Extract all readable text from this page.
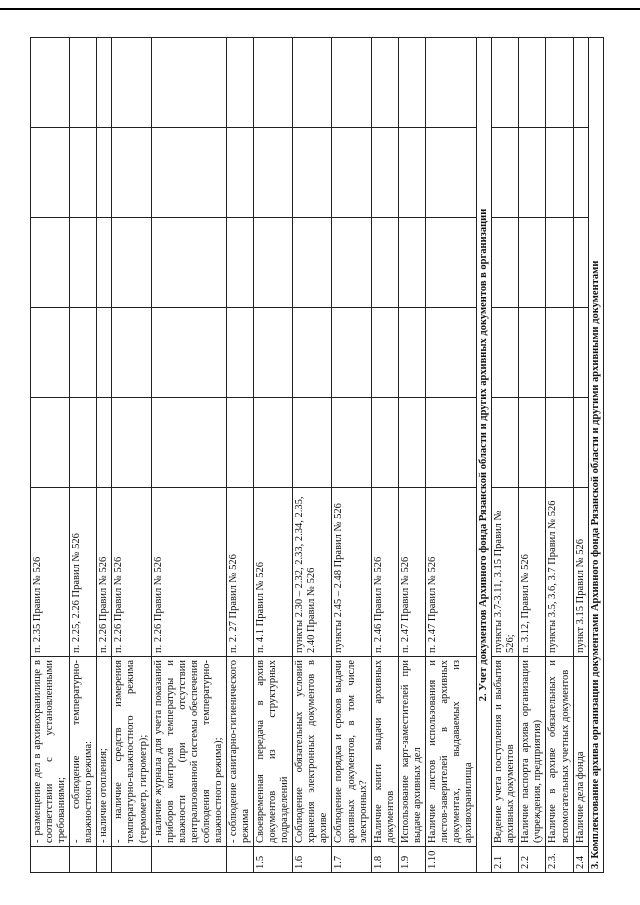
	- размещение дел в архивохранилище в соответствии с установленными требованиями;	п. 2.35 Правил № 526					
	- соблюдение температурно-влажностного режима:	п. 2.25, 2.26 Правил № 526					
	- наличие отопления;	п. 2.26 Правил № 526					
	- наличие средств измерения температурно-влажностного режима (термометр, гигрометр);	п. 2.26 Правил № 526					
	- наличие журнала для учета показаний приборов контроля температуры и влажности (при отсутствии централизованной системы обеспечения соблюдения температурно-влажностного режима);	п. 2.26 Правил № 526					
	- соблюдение санитарно-гигиенического режима	п. 2. 27 Правил № 526					
1.5	Своевременная передача в архив документов из структурных подразделений	п. 4.1 Правил № 526					
1.6	Соблюдение обязательных условий хранения электронных документов в архиве	пункты 2.30 – 2.32, 2.33, 2.34, 2.35, 2.40 Правил № 526					
1.7	Соблюдение порядка и сроков выдачи архивных документов, в том числе электронных?	пункты 2.45 – 2.48 Правил № 526					
1.8	Наличие книги выдачи архивных документов	п. 2.46 Правил № 526					
1.9	Использование карт-заместителей при выдаче архивных дел	п. 2.47 Правил № 526					
1.10	Наличие листов использования и листов-заверителей в архивных документах, выдаваемых из архивохранилища	п. 2.47 Правил № 526					
2. Учет документов Архивного фонда Рязанской области и других архивных документов в организации							
2.1	Ведение учета поступления и выбытия архивных документов	пункты 3.7-3.11, 3.15 Правил № 526;					
2.2	Наличие паспорта архива организации (учреждения, предприятия)	п. 3.12, Правил № 526					
2.3.	Наличие в архиве обязательных и вспомогательных учетных документов	пункты 3.5, 3.6, 3.7 Правил № 526					
2.4	Наличие дела фонда	пункт 3.15 Правил № 526					
3. Комплектование архива организации документами Архивного фонда Рязанской области и другими архивными документами							
